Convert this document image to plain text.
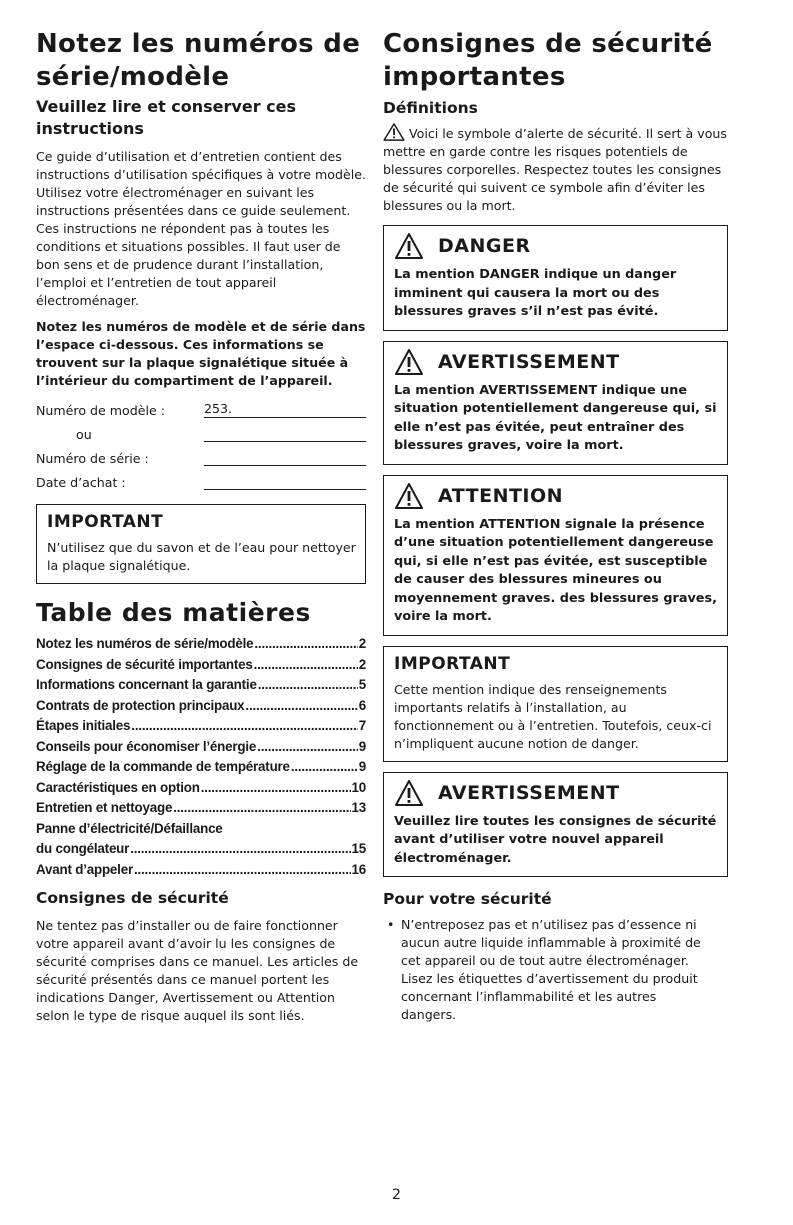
Notez les numéros de série/modèle
Veuillez lire et conserver ces instructions

Ce guide d’utilisation et d’entretien contient des instructions d’utilisation spécifiques à votre modèle. Utilisez votre électroménager en suivant les instructions présentées dans ce guide seulement. Ces instructions ne répondent pas à toutes les conditions et situations possibles. Il faut user de bon sens et de prudence durant l’installation, l’emploi et l’entretien de tout appareil électroménager.

Notez les numéros de modèle et de série dans l’espace ci-dessous. Ces informations se trouvent sur la plaque signalétique située à l’intérieur du compartiment de l’appareil.

Numéro de modèle :	253.
ou
Numéro de série :
Date d’achat :
IMPORTANT
N’utilisez que du savon et de l’eau pour nettoyer la plaque signalétique.
Table des matières
Notez les numéros de série/modèle .....	2
Consignes de sécurité importantes .....	2
Informations concernant la garantie .....	5
Contrats de protection principaux .....	6
Étapes initiales .....	7
Conseils pour économiser l’énergie .....	9
Réglage de la commande de température .....	9
Caractéristiques en option .....	10
Entretien et nettoyage .....	13
Panne d’électricité/Défaillance
du congélateur .....	15
Avant d’appeler .....	16
Consignes de sécurité

Ne tentez pas d’installer ou de faire fonctionner votre appareil avant d’avoir lu les consignes de sécurité comprises dans ce manuel. Les articles de sécurité présentés dans ce manuel portent les indications Danger, Avertissement ou Attention selon le type de risque auquel ils sont liés.

Consignes de sécurité importantes
Définitions

Voici le symbole d’alerte de sécurité. Il sert à vous mettre en garde contre les risques potentiels de blessures corporelles. Respectez toutes les consignes de sécurité qui suivent ce symbole afin d’éviter les blessures ou la mort.

DANGER
La mention DANGER indique un danger imminent qui causera la mort ou des blessures graves s’il n’est pas évité.
AVERTISSEMENT
La mention AVERTISSEMENT indique une situation potentiellement dangereuse qui, si elle n’est pas évitée, peut entraîner des blessures graves, voire la mort.
ATTENTION
La mention ATTENTION signale la présence d’une situation potentiellement dangereuse qui, si elle n’est pas évitée, est susceptible de causer des blessures mineures ou moyennement graves. des blessures graves, voire la mort.
IMPORTANT
Cette mention indique des renseignements importants relatifs à l’installation, au fonctionnement ou à l’entretien. Toutefois, ceux-ci n’impliquent aucune notion de danger.
AVERTISSEMENT
Veuillez lire toutes les consignes de sécurité avant d’utiliser votre nouvel appareil électroménager.
Pour votre sécurité
• N’entreposez pas et n’utilisez pas d’essence ni aucun autre liquide inflammable à proximité de cet appareil ou de tout autre électroménager. Lisez les étiquettes d’avertissement du produit concernant l’inflammabilité et les autres dangers.
2
